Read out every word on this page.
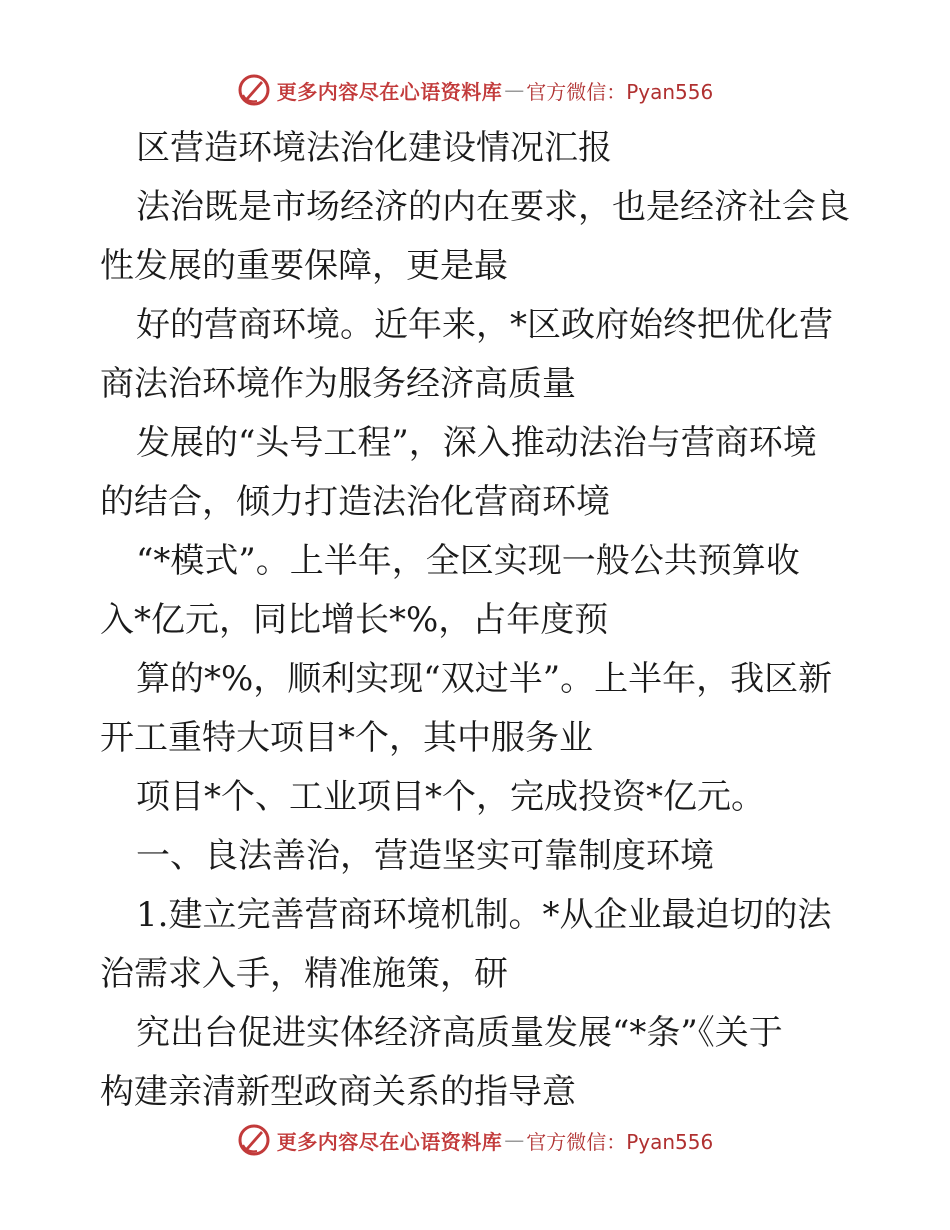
更多内容尽在心语资料库 — 官方微信：Pyan556
区营造环境法治化建设情况汇报
法治既是市场经济的内在要求，也是经济社会良
性发展的重要保障，更是最
好的营商环境。近年来，*区政府始终把优化营
商法治环境作为服务经济高质量
发展的“头号工程”，深入推动法治与营商环境
的结合，倾力打造法治化营商环境
“*模式”。上半年，全区实现一般公共预算收
入*亿元，同比增长*%，占年度预
算的*%，顺利实现“双过半”。上半年，我区新
开工重特大项目*个，其中服务业
项目*个、工业项目*个，完成投资*亿元。
一、良法善治，营造坚实可靠制度环境
1.建立完善营商环境机制。*从企业最迫切的法
治需求入手，精准施策，研
究出台促进实体经济高质量发展“*条”《关于
构建亲清新型政商关系的指导意
更多内容尽在心语资料库 — 官方微信：Pyan556
